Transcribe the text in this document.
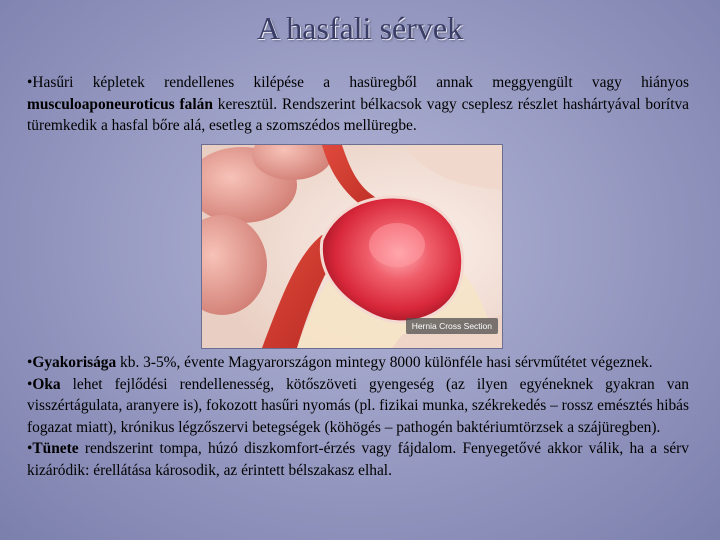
A hasfali sérvek
•Hasűri képletek rendellenes kilépése a hasüregből annak meggyengült vagy hiányos musculoaponeuroticus falán keresztül. Rendszerint bélkacsok vagy cseplesz részlet hashártyával borítva türemkedik a hasfal bőre alá, esetleg a szomszédos mellüregbe.
Hernia Cross Section
•Gyakorisága kb. 3-5%, évente Magyarországon mintegy 8000 különféle hasi sérvműtétet végeznek.
•Oka lehet fejlődési rendellenesség, kötőszöveti gyengeség (az ilyen egyéneknek gyakran van visszértágulata, aranyere is), fokozott hasűri nyomás (pl. fizikai munka, székrekedés – rossz emésztés hibás fogazat miatt), krónikus légzőszervi betegségek (köhögés – pathogén baktériumtörzsek a szájüregben).
•Tünete rendszerint tompa, húzó diszkomfort-érzés vagy fájdalom. Fenyegetővé akkor válik, ha a sérv kizáródik: érellátása károsodik, az érintett bélszakasz elhal.
